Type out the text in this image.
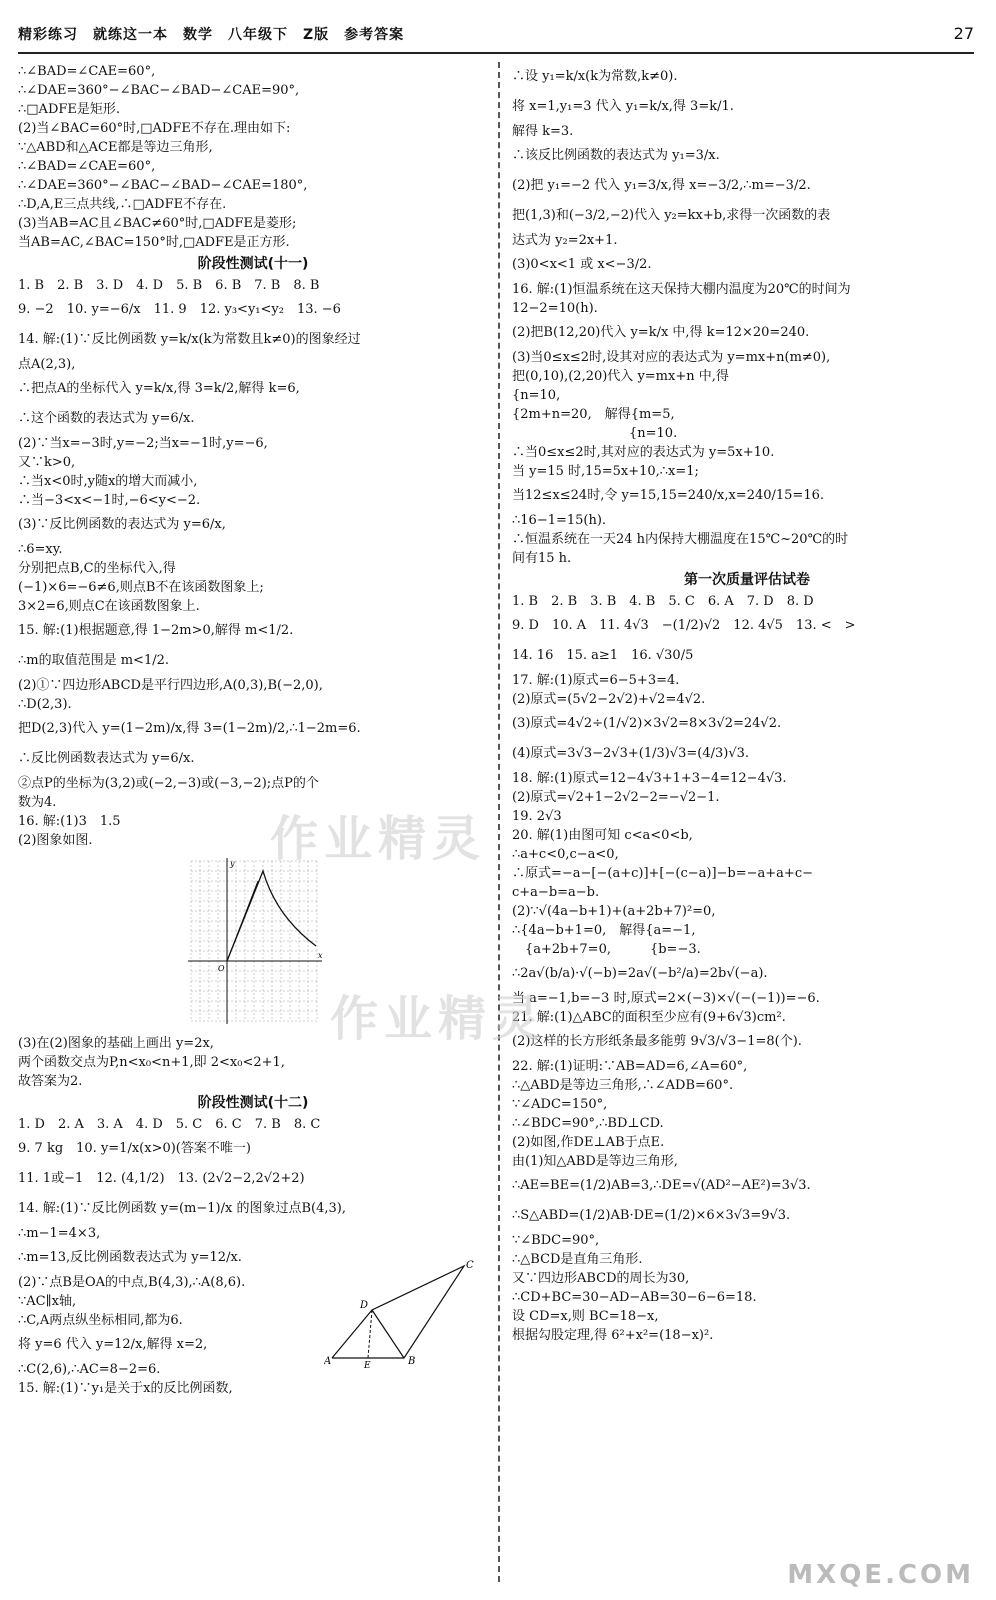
精彩练习　就练这一本　数学　八年级下　Z版　参考答案	27
∴∠BAD=∠CAE=60°,
∴∠DAE=360°−∠BAC−∠BAD−∠CAE=90°,
∴□ADFE是矩形.
(2)当∠BAC=60°时,□ADFE不存在.理由如下:
∵△ABD和△ACE都是等边三角形,
∴∠BAD=∠CAE=60°,
∴∠DAE=360°−∠BAC−∠BAD−∠CAE=180°,
∴D,A,E三点共线,∴□ADFE不存在.
(3)当AB=AC且∠BAC≠60°时,□ADFE是菱形;
当AB=AC,∠BAC=150°时,□ADFE是正方形.
阶段性测试(十一)
1. B　2. B　3. D　4. D　5. B　6. B　7. B　8. B
9. −2　10. y=−6/x　11. 9　12. y₃<y₁<y₂　13. −6
14. 解:(1)∵反比例函数 y=k/x(k为常数且k≠0)的图象经过
点A(2,3),
∴把点A的坐标代入 y=k/x,得 3=k/2,解得 k=6,
∴这个函数的表达式为 y=6/x.
(2)∵当x=−3时,y=−2;当x=−1时,y=−6,
又∵k>0,
∴当x<0时,y随x的增大而减小,
∴当−3<x<−1时,−6<y<−2.
(3)∵反比例函数的表达式为 y=6/x,
∴6=xy.
分别把点B,C的坐标代入,得
(−1)×6=−6≠6,则点B不在该函数图象上;
3×2=6,则点C在该函数图象上.
15. 解:(1)根据题意,得 1−2m>0,解得 m<1/2.
∴m的取值范围是 m<1/2.
(2)①∵四边形ABCD是平行四边形,A(0,3),B(−2,0),
∴D(2,3).
把D(2,3)代入 y=(1−2m)/x,得 3=(1−2m)/2,∴1−2m=6.
∴反比例函数表达式为 y=6/x.
②点P的坐标为(3,2)或(−2,−3)或(−3,−2);点P的个
数为4.
16. 解:(1)3　1.5
(2)图象如图.
y
x
O
(3)在(2)图象的基础上画出 y=2x,
两个函数交点为P,n<x₀<n+1,即 2<x₀<2+1,
故答案为2.
阶段性测试(十二)
1. D　2. A　3. A　4. D　5. C　6. C　7. B　8. C
9. 7 kg　10. y=1/x(x>0)(答案不唯一)
11. 1或−1　12. (4,1/2)　13. (2√2−2,2√2+2)
14. 解:(1)∵反比例函数 y=(m−1)/x 的图象过点B(4,3),
∴m−1=4×3,
∴m=13,反比例函数表达式为 y=12/x.
(2)∵点B是OA的中点,B(4,3),∴A(8,6).
∵AC∥x轴,
∴C,A两点纵坐标相同,都为6.
将 y=6 代入 y=12/x,解得 x=2,
∴C(2,6),∴AC=8−2=6.
15. 解:(1)∵y₁是关于x的反比例函数,
∴设 y₁=k/x(k为常数,k≠0).
将 x=1,y₁=3 代入 y₁=k/x,得 3=k/1.
解得 k=3.
∴该反比例函数的表达式为 y₁=3/x.
(2)把 y₁=−2 代入 y₁=3/x,得 x=−3/2,∴m=−3/2.
把(1,3)和(−3/2,−2)代入 y₂=kx+b,求得一次函数的表
达式为 y₂=2x+1.
(3)0<x<1 或 x<−3/2.
16. 解:(1)恒温系统在这天保持大棚内温度为20℃的时间为
12−2=10(h).
(2)把B(12,20)代入 y=k/x 中,得 k=12×20=240.
(3)当0≤x≤2时,设其对应的表达式为 y=mx+n(m≠0),
把(0,10),(2,20)代入 y=mx+n 中,得
{n=10,
{2m+n=20,　解得{m=5,
　　　　　　　　　{n=10.
∴当0≤x≤2时,其对应的表达式为 y=5x+10.
当 y=15 时,15=5x+10,∴x=1;
当12≤x≤24时,令 y=15,15=240/x,x=240/15=16.
∴16−1=15(h).
∴恒温系统在一天24 h内保持大棚温度在15℃~20℃的时
间有15 h.
第一次质量评估试卷
1. B　2. B　3. B　4. B　5. C　6. A　7. D　8. D
9. D　10. A　11. 4√3　−(1/2)√2　12. 4√5　13. <　>
14. 16　15. a≥1　16. √30/5
17. 解:(1)原式=6−5+3=4.
(2)原式=(5√2−2√2)+√2=4√2.
(3)原式=4√2÷(1/√2)×3√2=8×3√2=24√2.
(4)原式=3√3−2√3+(1/3)√3=(4/3)√3.
18. 解:(1)原式=12−4√3+1+3−4=12−4√3.
(2)原式=√2+1−2√2−2=−√2−1.
19. 2√3
20. 解(1)由图可知 c<a<0<b,
∴a+c<0,c−a<0,
∴原式=−a−[−(a+c)]+[−(c−a)]−b=−a+a+c−
c+a−b=a−b.
(2)∵√(4a−b+1)+(a+2b+7)²=0,
∴{4a−b+1=0,　解得{a=−1,
　{a+2b+7=0,　　　{b=−3.
∴2a√(b/a)·√(−b)=2a√(−b²/a)=2b√(−a).
当 a=−1,b=−3 时,原式=2×(−3)×√(−(−1))=−6.
21. 解:(1)△ABC的面积至少应有(9+6√3)cm².
(2)这样的长方形纸条最多能剪 9√3/√3−1=8(个).
22. 解:(1)证明:∵AB=AD=6,∠A=60°,
∴△ABD是等边三角形,∴∠ADB=60°.
∵∠ADC=150°,
∴∠BDC=90°,∴BD⊥CD.
(2)如图,作DE⊥AB于点E.
由(1)知△ABD是等边三角形,
∴AE=BE=(1/2)AB=3,∴DE=√(AD²−AE²)=3√3.
∴S△ABD=(1/2)AB·DE=(1/2)×6×3√3=9√3.
∵∠BDC=90°,
∴△BCD是直角三角形.
又∵四边形ABCD的周长为30,
∴CD+BC=30−AD−AB=30−6−6=18.
设 CD=x,则 BC=18−x,
根据勾股定理,得 6²+x²=(18−x)².
A	B
C
D
E
作业精灵
作业精灵
MXQE.COM
